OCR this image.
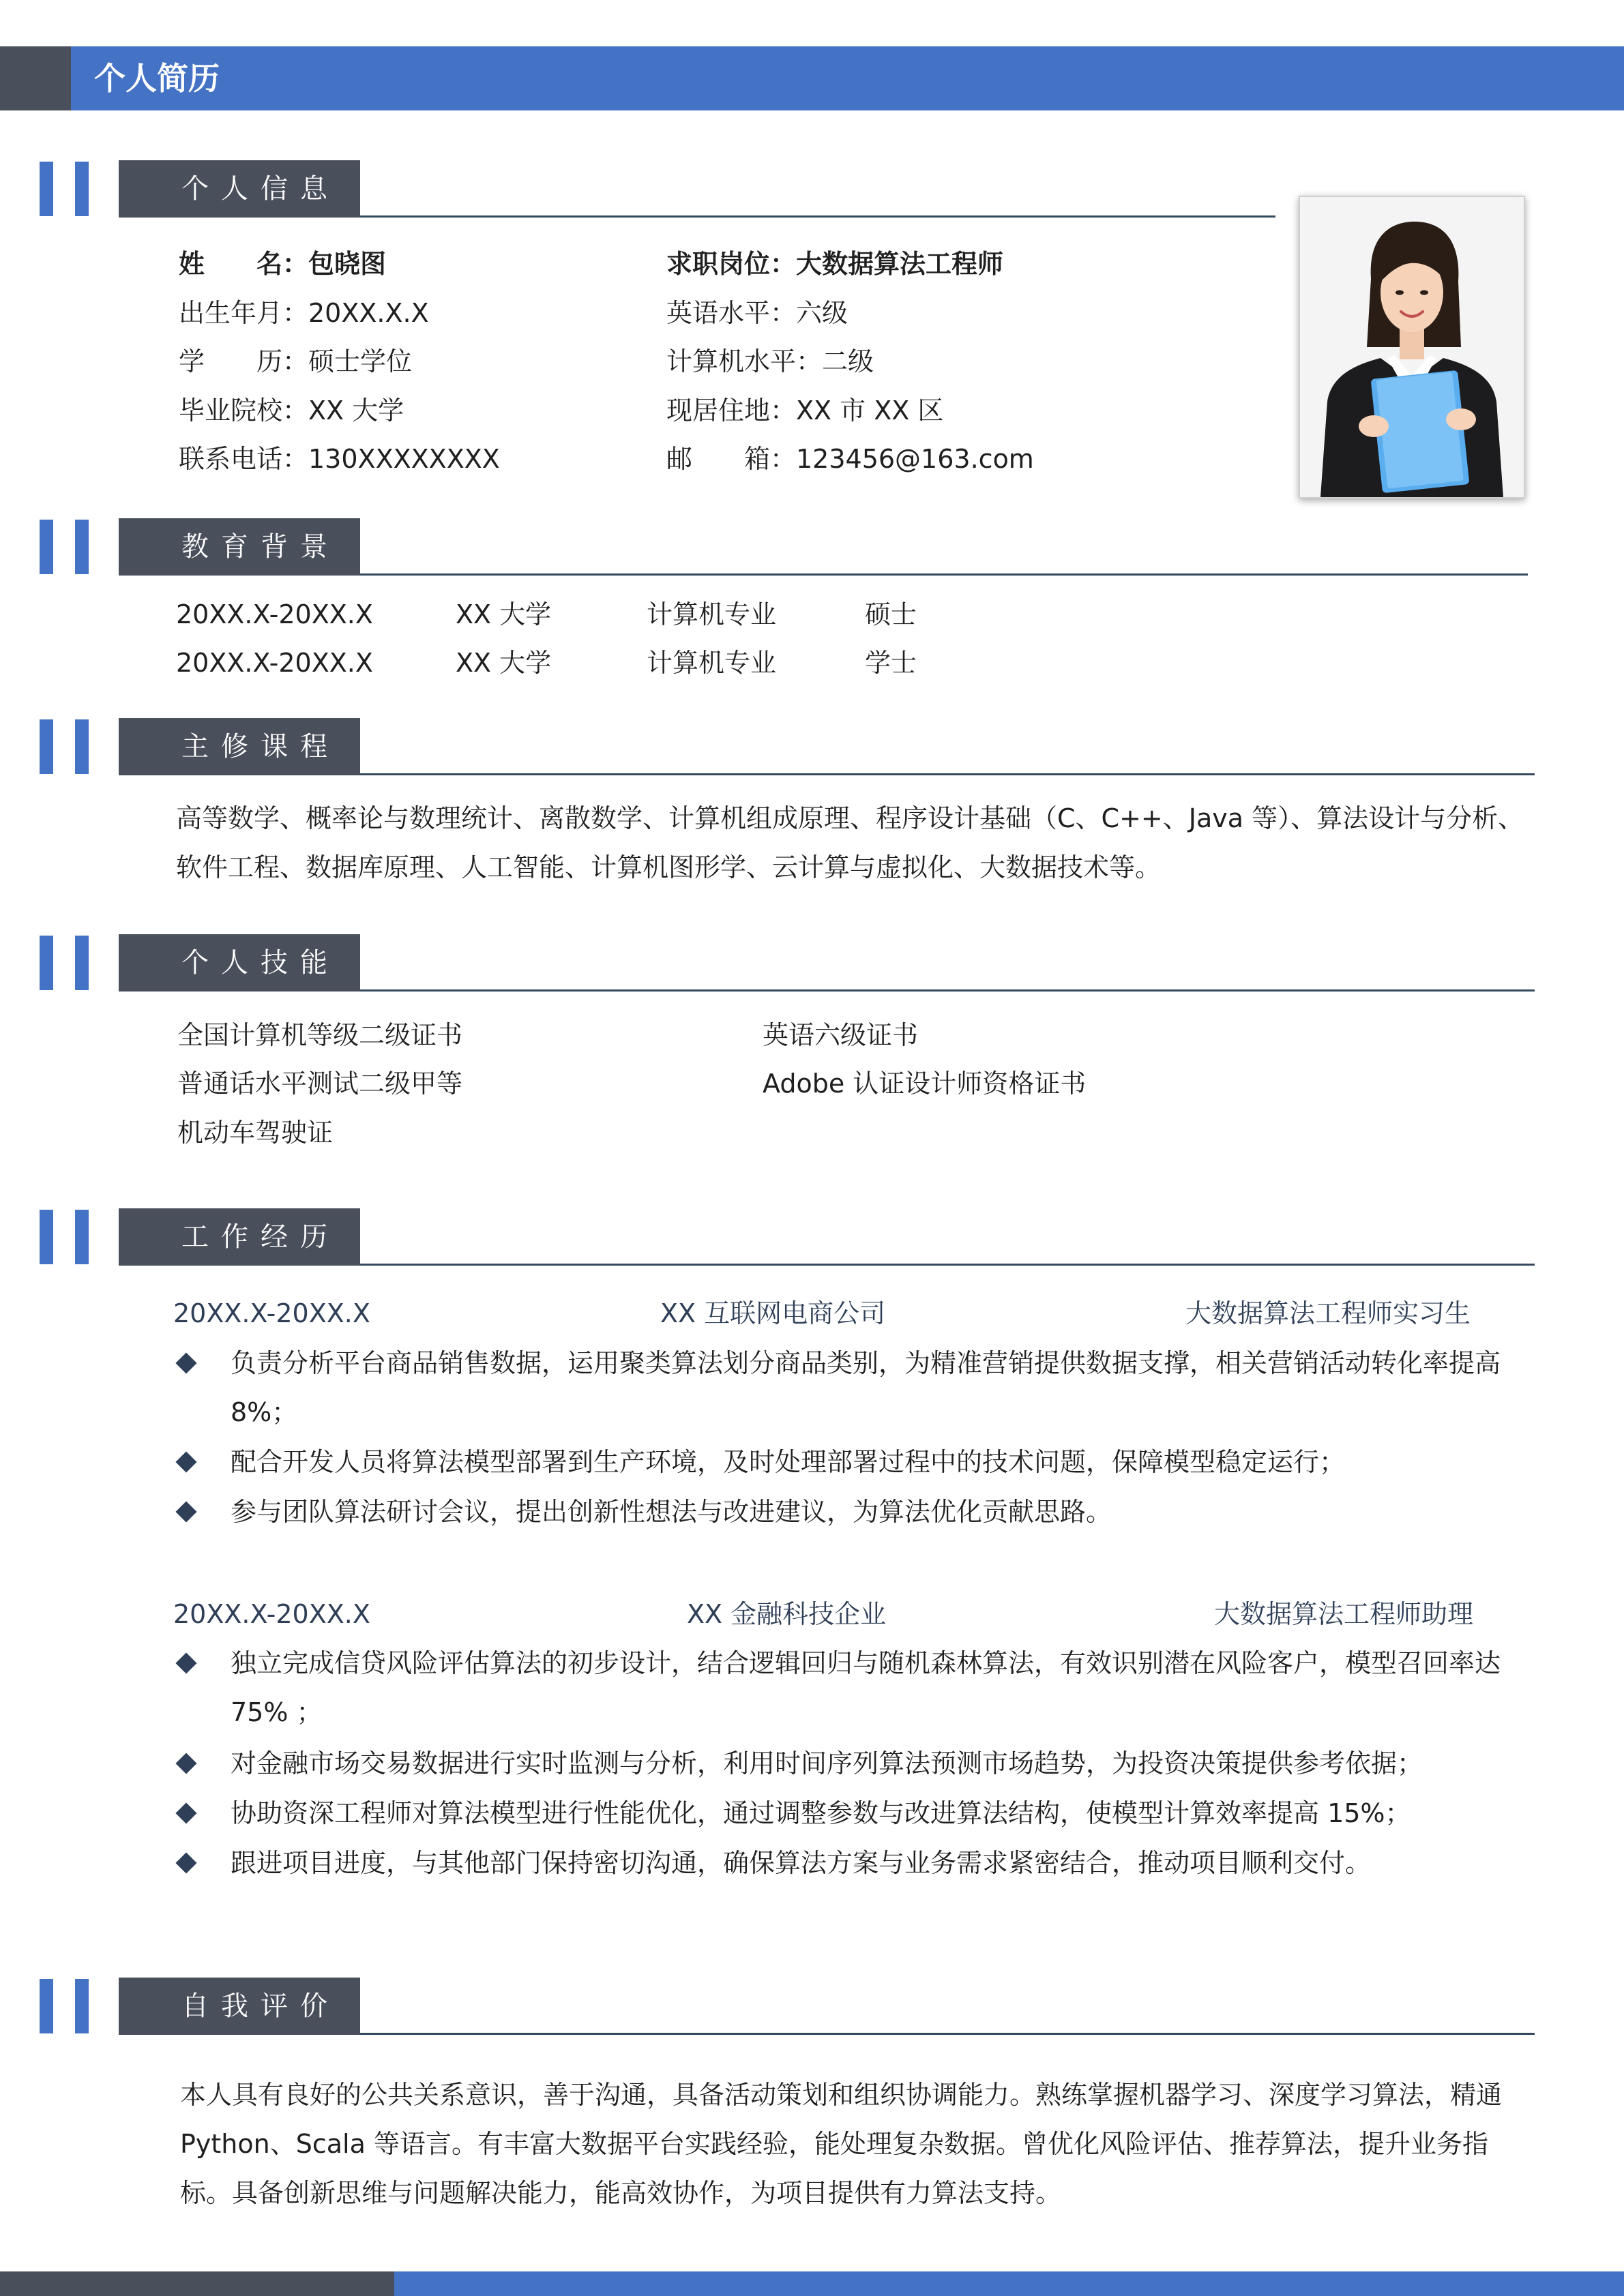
个人简历
个人信息
姓　　名：包晓图	求职岗位：大数据算法工程师
出生年月：20XX.X.X	英语水平：六级
学　　历：硕士学位	计算机水平：二级
毕业院校：XX 大学	现居住地：XX 市 XX 区
联系电话：130XXXXXXXX	邮　　箱：123456@163.com
教育背景
20XX.X-20XX.X	XX 大学	计算机专业	硕士
20XX.X-20XX.X	XX 大学	计算机专业	学士
主修课程
高等数学、概率论与数理统计、离散数学、计算机组成原理、程序设计基础（C、C++、Java 等）、算法设计与分析、软件工程、数据库原理、人工智能、计算机图形学、云计算与虚拟化、大数据技术等。
个人技能
全国计算机等级二级证书	英语六级证书
普通话水平测试二级甲等	Adobe 认证设计师资格证书
机动车驾驶证
工作经历
20XX.X-20XX.X	XX 互联网电商公司	大数据算法工程师实习生
负责分析平台商品销售数据，运用聚类算法划分商品类别，为精准营销提供数据支撑，相关营销活动转化率提高 8%；
配合开发人员将算法模型部署到生产环境，及时处理部署过程中的技术问题，保障模型稳定运行；
参与团队算法研讨会议，提出创新性想法与改进建议，为算法优化贡献思路。
20XX.X-20XX.X	XX 金融科技企业	大数据算法工程师助理
独立完成信贷风险评估算法的初步设计，结合逻辑回归与随机森林算法，有效识别潜在风险客户，模型召回率达 75% ；
对金融市场交易数据进行实时监测与分析，利用时间序列算法预测市场趋势，为投资决策提供参考依据；
协助资深工程师对算法模型进行性能优化，通过调整参数与改进算法结构，使模型计算效率提高 15%；
跟进项目进度，与其他部门保持密切沟通，确保算法方案与业务需求紧密结合，推动项目顺利交付。
自我评价
本人具有良好的公共关系意识，善于沟通，具备活动策划和组织协调能力。熟练掌握机器学习、深度学习算法，精通 Python、Scala 等语言。有丰富大数据平台实践经验，能处理复杂数据。曾优化风险评估、推荐算法，提升业务指标。具备创新思维与问题解决能力，能高效协作，为项目提供有力算法支持。
